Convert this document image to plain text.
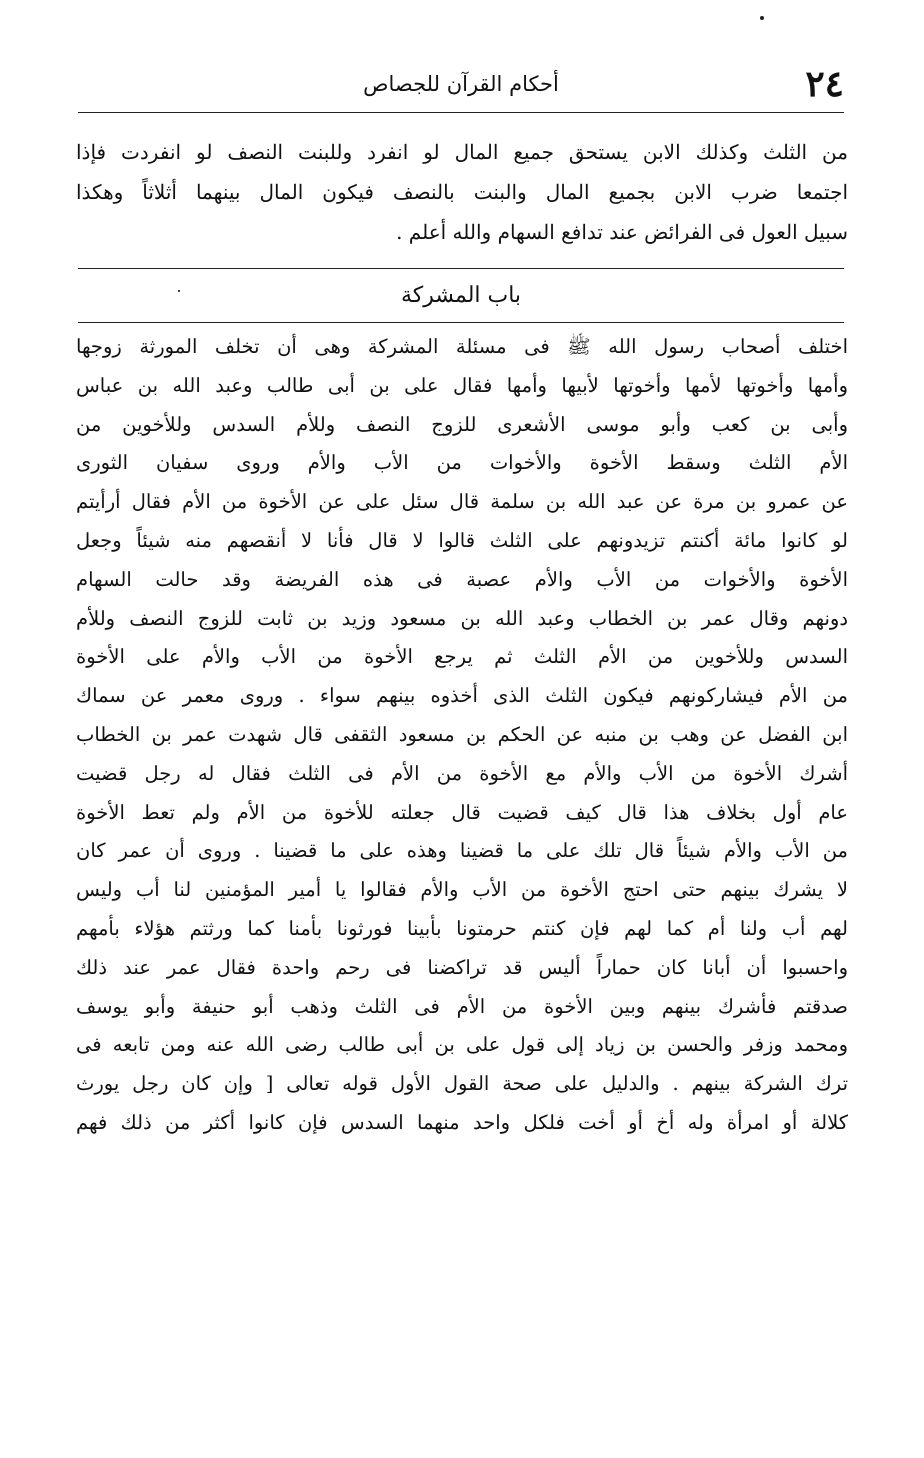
٢٤
أحكام القرآن للجصاص
من الثلث وكذلك الابن يستحق جميع المال لو انفرد وللبنت النصف لو انفردت فإذا
اجتمعا ضرب الابن بجميع المال والبنت بالنصف فيكون المال بينهما أثلاثاً وهكذا
سبيل العول فى الفرائض عند تدافع السهام والله أعلم .
باب المشركة
اختلف أصحاب رسول الله ﷺ فى مسئلة المشركة وهى أن تخلف المورثة زوجها
وأمها وأخوتها لأمها وأخوتها لأبيها وأمها فقال على بن أبى طالب وعبد الله بن عباس
وأبى بن كعب وأبو موسى الأشعرى للزوج النصف وللأم السدس وللأخوين من
الأم الثلث وسقط الأخوة والأخوات من الأب والأم وروى سفيان الثورى
عن عمرو بن مرة عن عبد الله بن سلمة قال سئل على عن الأخوة من الأم فقال أرأيتم
لو كانوا مائة أكنتم تزيدونهم على الثلث قالوا لا قال فأنا لا أنقصهم منه شيئاً وجعل
الأخوة والأخوات من الأب والأم عصبة فى هذه الفريضة وقد حالت السهام
دونهم وقال عمر بن الخطاب وعبد الله بن مسعود وزيد بن ثابت للزوج النصف وللأم
السدس وللأخوين من الأم الثلث ثم يرجع الأخوة من الأب والأم على الأخوة
من الأم فيشاركونهم فيكون الثلث الذى أخذوه بينهم سواء . وروى معمر عن سماك
ابن الفضل عن وهب بن منبه عن الحكم بن مسعود الثقفى قال شهدت عمر بن الخطاب
أشرك الأخوة من الأب والأم مع الأخوة من الأم فى الثلث فقال له رجل قضيت
عام أول بخلاف هذا قال كيف قضيت قال جعلته للأخوة من الأم ولم تعط الأخوة
من الأب والأم شيئاً قال تلك على ما قضينا وهذه على ما قضينا . وروى أن عمر كان
لا يشرك بينهم حتى احتج الأخوة من الأب والأم فقالوا يا أمير المؤمنين لنا أب وليس
لهم أب ولنا أم كما لهم فإن كنتم حرمتونا بأبينا فورثونا بأمنا كما ورثتم هؤلاء بأمهم
واحسبوا أن أبانا كان حماراً أليس قد تراكضنا فى رحم واحدة فقال عمر عند ذلك
صدقتم فأشرك بينهم وبين الأخوة من الأم فى الثلث وذهب أبو حنيفة وأبو يوسف
ومحمد وزفر والحسن بن زياد إلى قول على بن أبى طالب رضى الله عنه ومن تابعه فى
ترك الشركة بينهم . والدليل على صحة القول الأول قوله تعالى [ وإن كان رجل يورث
كلالة أو امرأة وله أخ أو أخت فلكل واحد منهما السدس فإن كانوا أكثر من ذلك فهم
